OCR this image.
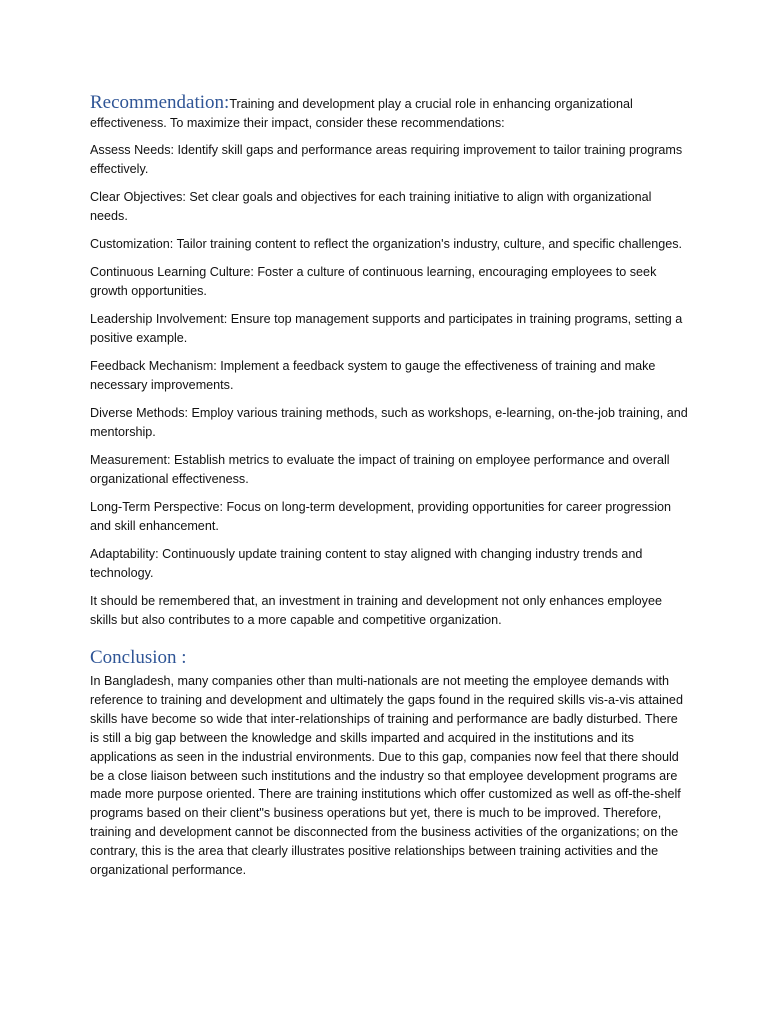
Recommendation:Training and development play a crucial role in enhancing organizational effectiveness. To maximize their impact, consider these recommendations:

Assess Needs: Identify skill gaps and performance areas requiring improvement to tailor training programs effectively.

Clear Objectives: Set clear goals and objectives for each training initiative to align with organizational needs.

Customization: Tailor training content to reflect the organization's industry, culture, and specific challenges.

Continuous Learning Culture: Foster a culture of continuous learning, encouraging employees to seek growth opportunities.

Leadership Involvement: Ensure top management supports and participates in training programs, setting a positive example.

Feedback Mechanism: Implement a feedback system to gauge the effectiveness of training and make necessary improvements.

Diverse Methods: Employ various training methods, such as workshops, e-learning, on-the-job training, and mentorship.

Measurement: Establish metrics to evaluate the impact of training on employee performance and overall organizational effectiveness.

Long-Term Perspective: Focus on long-term development, providing opportunities for career progression and skill enhancement.

Adaptability: Continuously update training content to stay aligned with changing industry trends and technology.

It should be remembered that, an investment in training and development not only enhances employee skills but also contributes to a more capable and competitive organization.

Conclusion :

In Bangladesh, many companies other than multi-nationals are not meeting the employee demands with reference to training and development and ultimately the gaps found in the required skills vis-a-vis attained skills have become so wide that inter-relationships of training and performance are badly disturbed. There is still a big gap between the knowledge and skills imparted and acquired in the institutions and its applications as seen in the industrial environments. Due to this gap, companies now feel that there should be a close liaison between such institutions and the industry so that employee development programs are made more purpose oriented. There are training institutions which offer customized as well as off-the-shelf programs based on their client"s business operations but yet, there is much to be improved. Therefore, training and development cannot be disconnected from the business activities of the organizations; on the contrary, this is the area that clearly illustrates positive relationships between training activities and the organizational performance.
